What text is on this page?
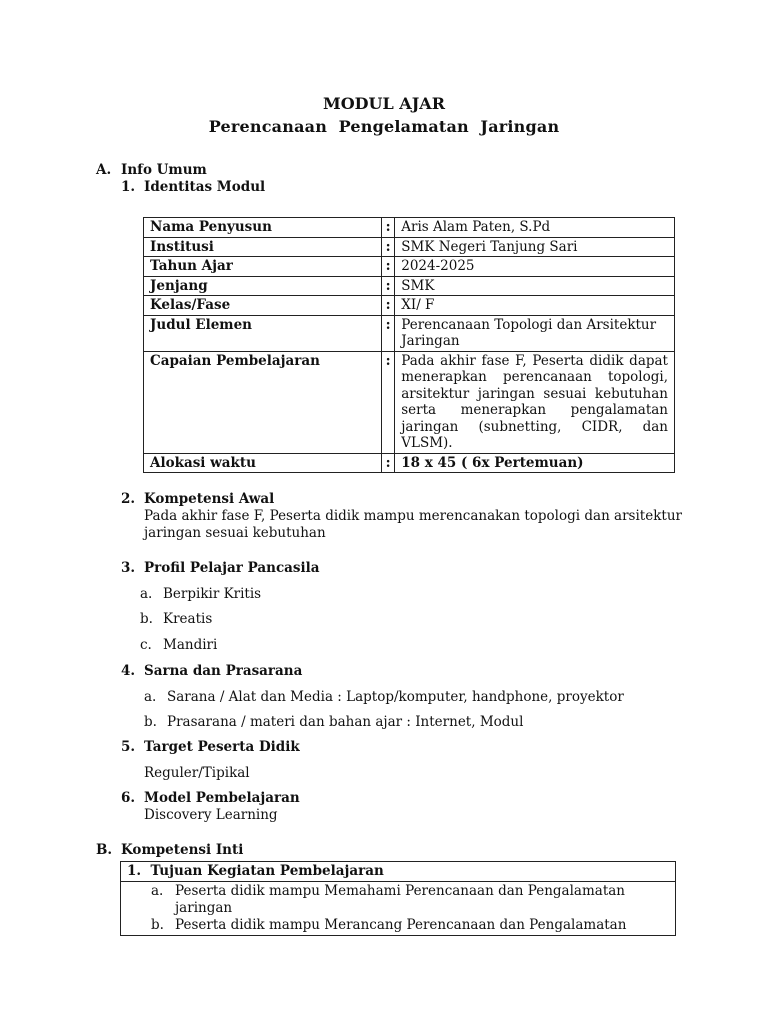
MODUL AJAR
Perencanaan  Pengelamatan  Jaringan
A. Info Umum
1. Identitas Modul
Nama Penyusun	:	Aris Alam Paten, S.Pd
Institusi	:	SMK Negeri Tanjung Sari
Tahun Ajar	:	2024-2025
Jenjang	:	SMK
Kelas/Fase	:	XI/ F
Judul Elemen	:	Perencanaan Topologi dan Arsitektur Jaringan
Capaian Pembelajaran	:	Pada akhir fase F, Peserta didik dapat menerapkan perencanaan topologi, arsitektur jaringan sesuai kebutuhan serta menerapkan pengalamatan jaringan (subnetting, CIDR, dan VLSM).
Alokasi waktu	:	18 x 45 ( 6x Pertemuan)
2. Kompetensi Awal
Pada akhir fase F, Peserta didik mampu merencanakan topologi dan arsitektur
jaringan sesuai kebutuhan
3. Profil Pelajar Pancasila
a. Berpikir Kritis
b. Kreatis
c. Mandiri
4. Sarna dan Prasarana
a. Sarana / Alat dan Media : Laptop/komputer, handphone, proyektor
b. Prasarana / materi dan bahan ajar : Internet, Modul
5. Target Peserta Didik
Reguler/Tipikal
6. Model Pembelajaran
Discovery Learning
B. Kompetensi Inti
1.  Tujuan Kegiatan Pembelajaran

a. Peserta didik mampu Memahami Perencanaan dan Pengalamatan
jaringan
b. Peserta didik mampu Merancang Perencanaan dan Pengalamatan
